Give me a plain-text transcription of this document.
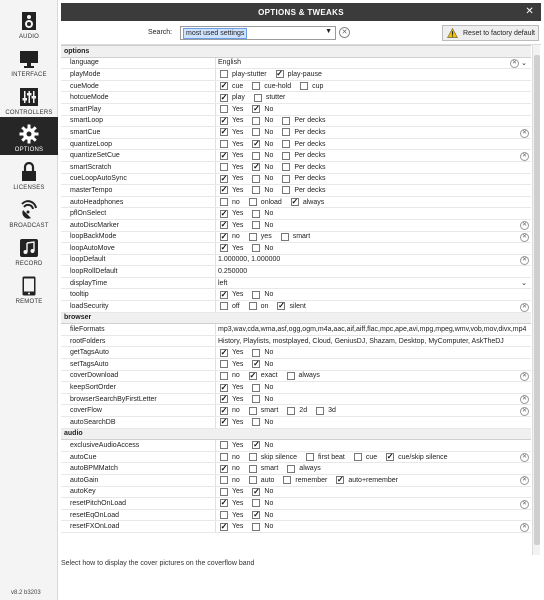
AUDIO
INTERFACE
CONTROLLERS
OPTIONS
LICENSES
BROADCAST
RECORD
REMOTE
v8.2 b3203
OPTIONS & TWEAKS	✕
Search:	most used settings	▼	✕	Reset to factory default
options
language	English	⌄
✕
playMode	play-stutter ✓	play-pause
cueMode ✓	cue	cue-hold	cup
hotcueMode ✓	play	stutter
smartPlay	Yes ✓	No
smartLoop ✓	Yes	No	Per decks
smartCue ✓	Yes	No	Per decks	✕
quantizeLoop	Yes ✓	No	Per decks
quantizeSetCue ✓	Yes	No	Per decks	✕
smartScratch	Yes ✓	No	Per decks
cueLoopAutoSync ✓	Yes	No	Per decks
masterTempo ✓	Yes	No	Per decks
autoHeadphones	no	onload ✓	always
pflOnSelect ✓	Yes	No
autoDiscMarker ✓	Yes	No	✕
loopBackMode ✓	no	yes	smart	✕
loopAutoMove ✓	Yes	No
loopDefault	1.000000, 1.000000	✕
loopRollDefault	0.250000
displayTime	left	⌄
tooltip ✓	Yes	No
loadSecurity	off	on ✓	silent	✕
browser
fileFormats	mp3,wav,cda,wma,asf,ogg,ogm,m4a,aac,aif,aiff,flac,mpc,ape,avi,mpg,mpeg,wmv,vob,mov,divx,mp4
rootFolders	History, Playlists, mostplayed, Cloud, GeniusDJ, Shazam, Desktop, MyComputer, AskTheDJ
getTagsAuto ✓	Yes	No
setTagsAuto	Yes ✓	No
coverDownload	no ✓	exact	always	✕
keepSortOrder ✓	Yes	No
browserSearchByFirstLetter ✓	Yes	No	✕
coverFlow ✓	no	smart	2d	3d	✕
autoSearchDB ✓	Yes	No
audio
exclusiveAudioAccess	Yes ✓	No
autoCue	no	skip silence	first beat	cue ✓	cue/skip silence	✕
autoBPMMatch ✓	no	smart	always
autoGain	no	auto	remember ✓	auto+remember	✕
autoKey	Yes ✓	No
resetPitchOnLoad ✓	Yes	No	✕
resetEqOnLoad	Yes ✓	No
resetFXOnLoad ✓	Yes	No	✕
Select how to display the cover pictures on the coverflow band
